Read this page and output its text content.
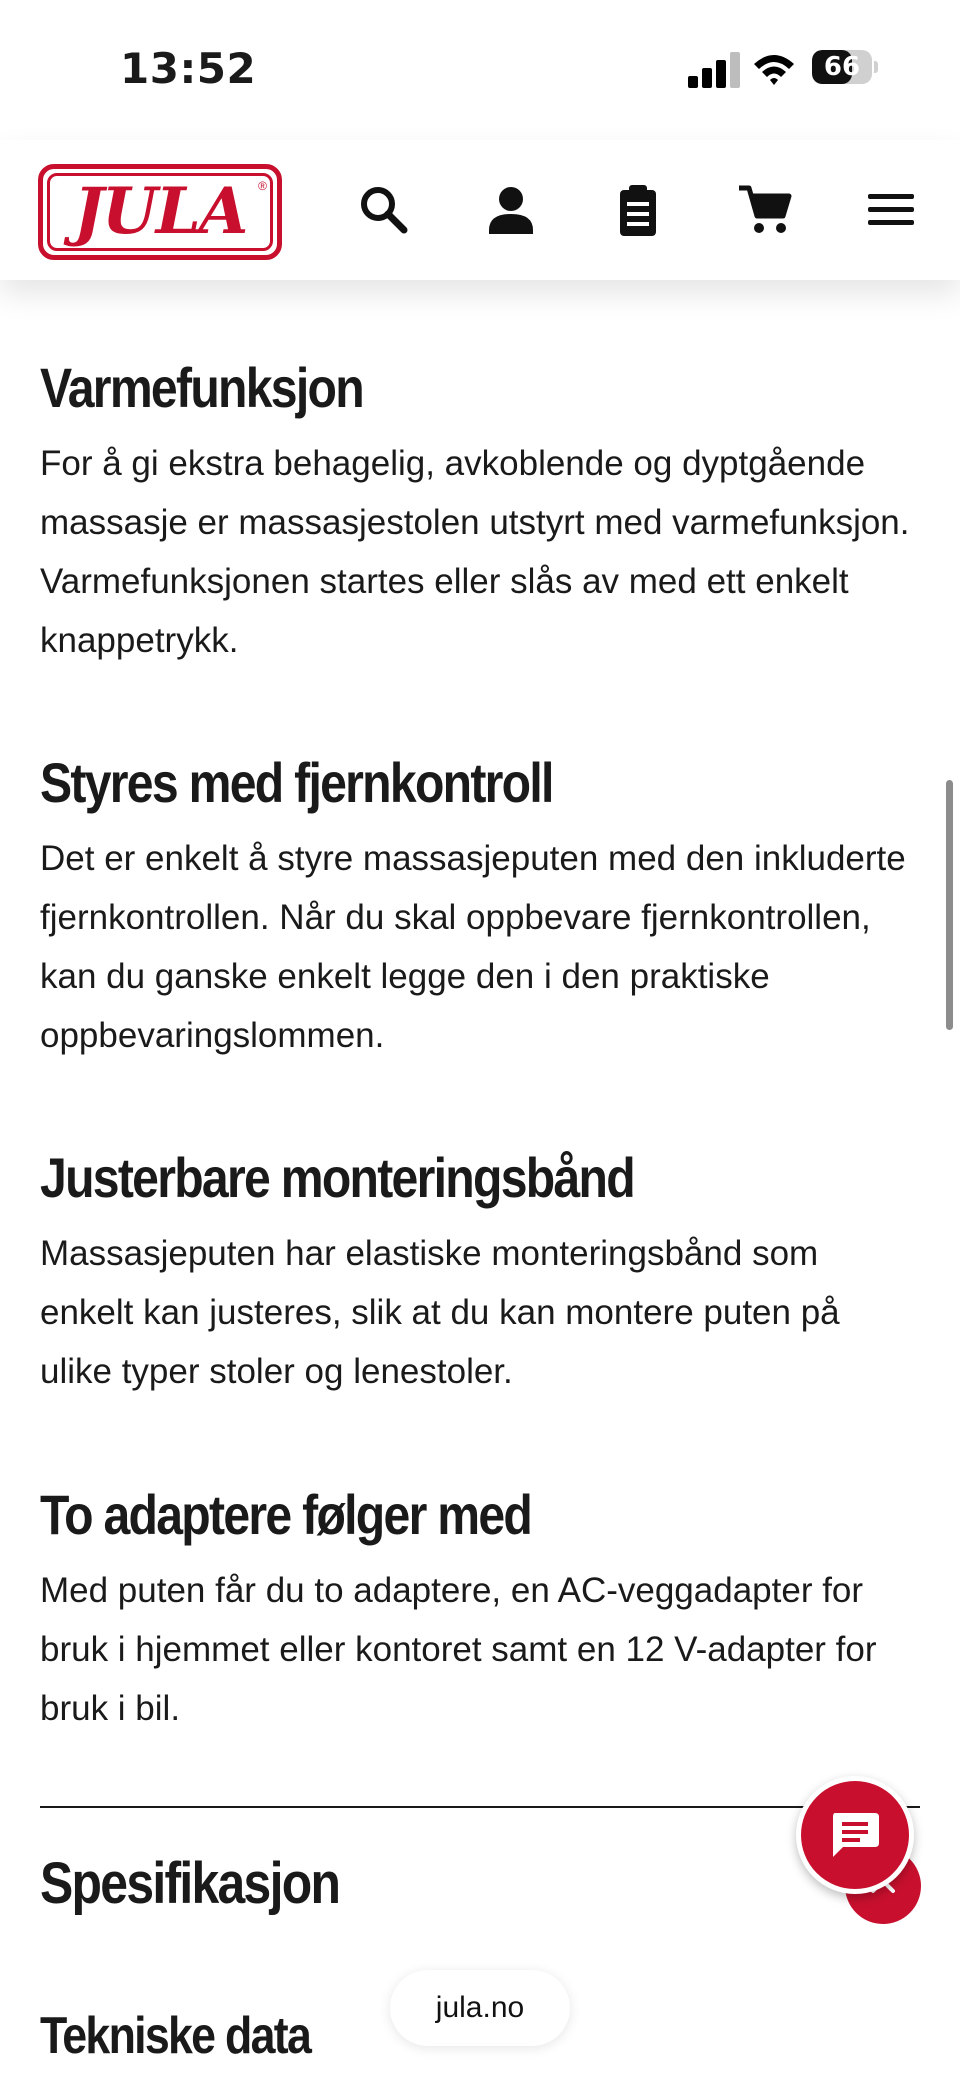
13:52	66
JULA ®
Varmefunksjon

For å gi ekstra behagelig, avkoblende og dyptgående massasje er massasjestolen utstyrt med varmefunksjon. Varmefunksjonen startes eller slås av med ett enkelt knappetrykk.

Styres med fjernkontroll

Det er enkelt å styre massasjeputen med den inkluderte fjernkontrollen. Når du skal oppbevare fjernkontrollen, kan du ganske enkelt legge den i den praktiske oppbevaringslommen.

Justerbare monteringsbånd

Massasjeputen har elastiske monteringsbånd som enkelt kan justeres, slik at du kan montere puten på ulike typer stoler og lenestoler.

To adaptere følger med

Med puten får du to adaptere, en AC-veggadapter for bruk i hjemmet eller kontoret samt en 12 V-adapter for bruk i bil.

Spesifikasjon
Tekniske data	jula.no
